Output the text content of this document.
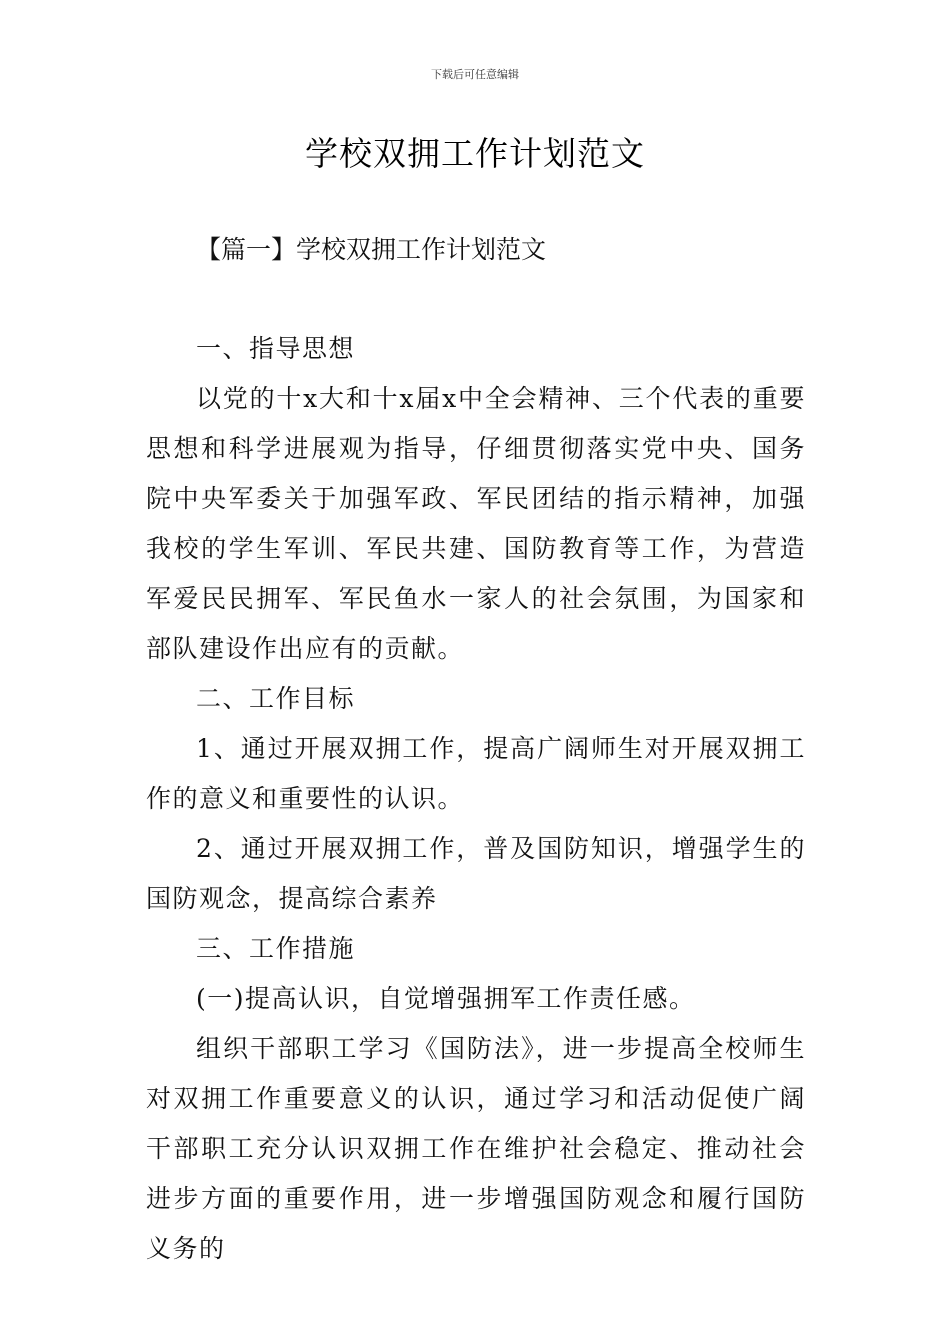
下载后可任意编辑
学校双拥工作计划范文
【篇一】学校双拥工作计划范文

一、指导思想

以党的十x大和十x届x中全会精神、三个代表的重要思想和科学进展观为指导，仔细贯彻落实党中央、国务院中央军委关于加强军政、军民团结的指示精神，加强我校的学生军训、军民共建、国防教育等工作，为营造军爱民民拥军、军民鱼水一家人的社会氛围，为国家和部队建设作出应有的贡献。

二、工作目标

1、通过开展双拥工作，提高广阔师生对开展双拥工作的意义和重要性的认识。

2、通过开展双拥工作，普及国防知识，增强学生的国防观念，提高综合素养

三、工作措施

(一)提高认识，自觉增强拥军工作责任感。

组织干部职工学习《国防法》，进一步提高全校师生对双拥工作重要意义的认识，通过学习和活动促使广阔干部职工充分认识双拥工作在维护社会稳定、推动社会进步方面的重要作用，进一步增强国防观念和履行国防义务的
